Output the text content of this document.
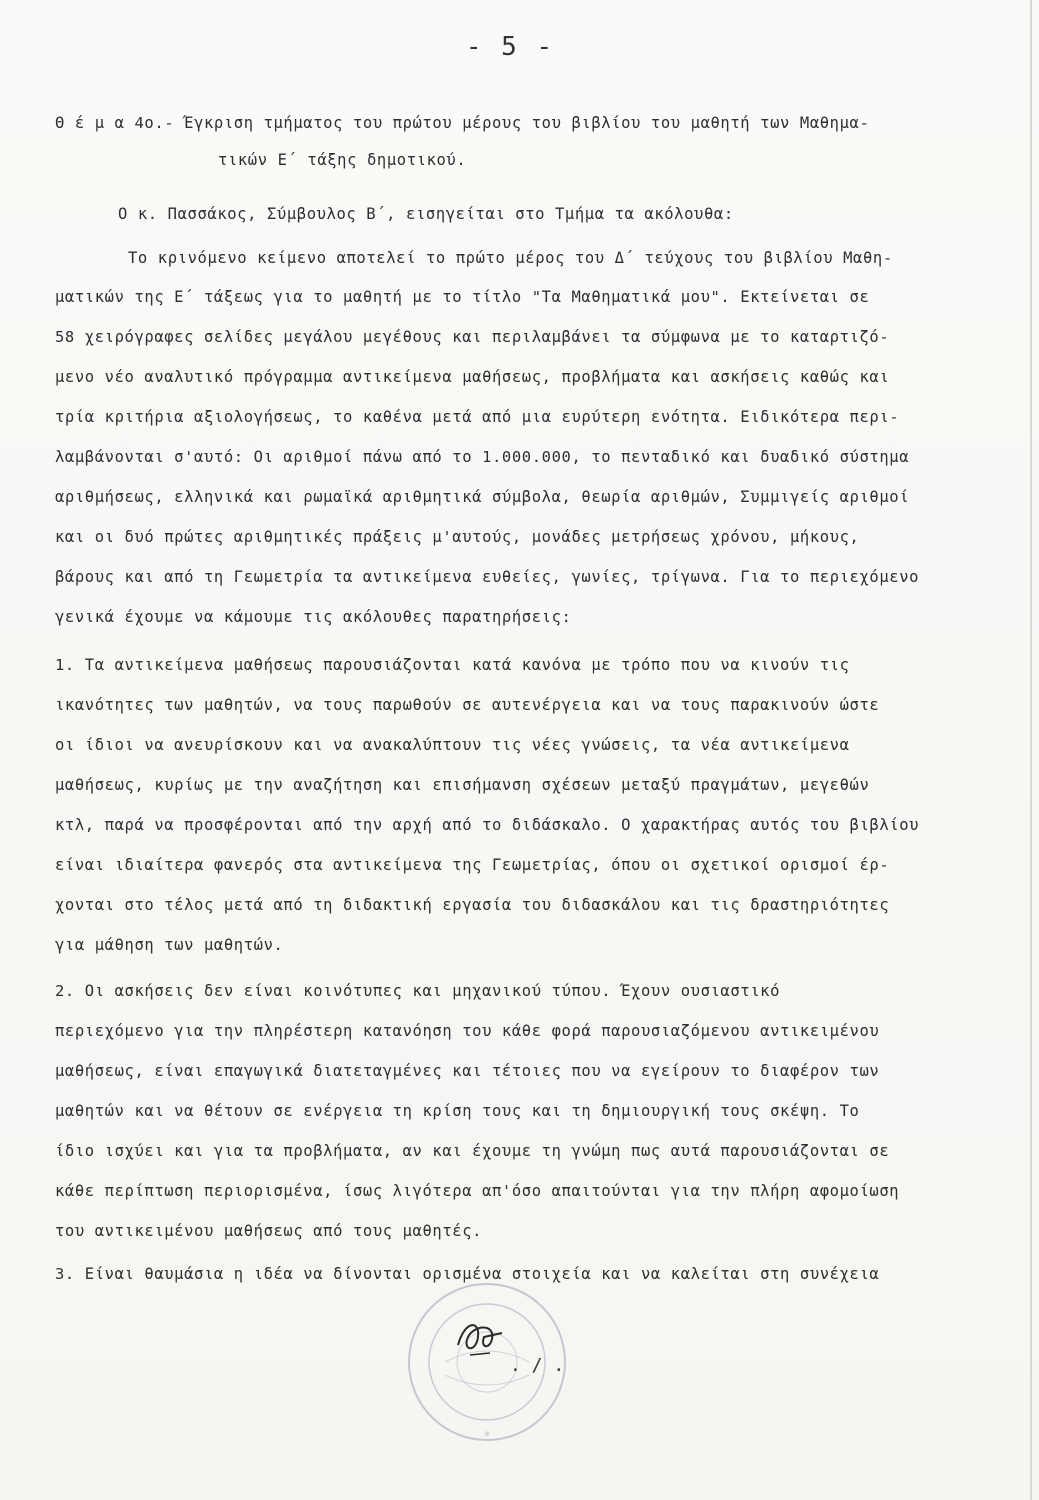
- 5 -
Θ έ μ α 4ο.- Έγκριση τμήματος του πρώτου μέρους του βιβλίου του μαθητή των Μαθημα-
τικών Ε΄ τάξης δημοτικού.
Ο κ. Πασσάκος, Σύμβουλος Β΄, εισηγείται στο Τμήμα τα ακόλουθα:
Το κρινόμενο κείμενο αποτελεί το πρώτο μέρος του Δ΄ τεύχους του βιβλίου Μαθη-
ματικών της Ε΄ τάξεως για το μαθητή με το τίτλο "Τα Μαθηματικά μου". Εκτείνεται σε
58 χειρόγραφες σελίδες μεγάλου μεγέθους και περιλαμβάνει τα σύμφωνα με το καταρτιζό-
μενο νέο αναλυτικό πρόγραμμα αντικείμενα μαθήσεως, προβλήματα και ασκήσεις καθώς και
τρία κριτήρια αξιολογήσεως, το καθένα μετά από μια ευρύτερη ενότητα. Ειδικότερα περι-
λαμβάνονται σ'αυτό: Οι αριθμοί πάνω από το 1.000.000, το πενταδικό και δυαδικό σύστημα
αριθμήσεως, ελληνικά και ρωμαϊκά αριθμητικά σύμβολα, θεωρία αριθμών, Συμμιγείς αριθμοί
και οι δυό πρώτες αριθμητικές πράξεις μ'αυτούς, μονάδες μετρήσεως χρόνου, μήκους,
βάρους και από τη Γεωμετρία τα αντικείμενα ευθείες, γωνίες, τρίγωνα. Για το περιεχόμενο
γενικά έχουμε να κάμουμε τις ακόλουθες παρατηρήσεις:
1. Τα αντικείμενα μαθήσεως παρουσιάζονται κατά κανόνα με τρόπο που να κινούν τις
ικανότητες των μαθητών, να τους παρωθούν σε αυτενέργεια και να τους παρακινούν ώστε
οι ίδιοι να ανευρίσκουν και να ανακαλύπτουν τις νέες γνώσεις, τα νέα αντικείμενα
μαθήσεως, κυρίως με την αναζήτηση και επισήμανση σχέσεων μεταξύ πραγμάτων, μεγεθών
κτλ, παρά να προσφέρονται από την αρχή από το διδάσκαλο. Ο χαρακτήρας αυτός του βιβλίου
είναι ιδιαίτερα φανερός στα αντικείμενα της Γεωμετρίας, όπου οι σχετικοί ορισμοί έρ-
χονται στο τέλος μετά από τη διδακτική εργασία του διδασκάλου και τις δραστηριότητες
για μάθηση των μαθητών.
2. Οι ασκήσεις δεν είναι κοινότυπες και μηχανικού τύπου. Έχουν ουσιαστικό
περιεχόμενο για την πληρέστερη κατανόηση του κάθε φορά παρουσιαζόμενου αντικειμένου
μαθήσεως, είναι επαγωγικά διατεταγμένες και τέτοιες που να εγείρουν το διαφέρον των
μαθητών και να θέτουν σε ενέργεια τη κρίση τους και τη δημιουργική τους σκέψη. Το
ίδιο ισχύει και για τα προβλήματα, αν και έχουμε τη γνώμη πως αυτά παρουσιάζονται σε
κάθε περίπτωση περιορισμένα, ίσως λιγότερα απ'όσο απαιτούνται για την πλήρη αφομοίωση
του αντικειμένου μαθήσεως από τους μαθητές.
3. Είναι θαυμάσια η ιδέα να δίνονται ορισμένα στοιχεία και να καλείται στη συνέχεια
*
. / .
